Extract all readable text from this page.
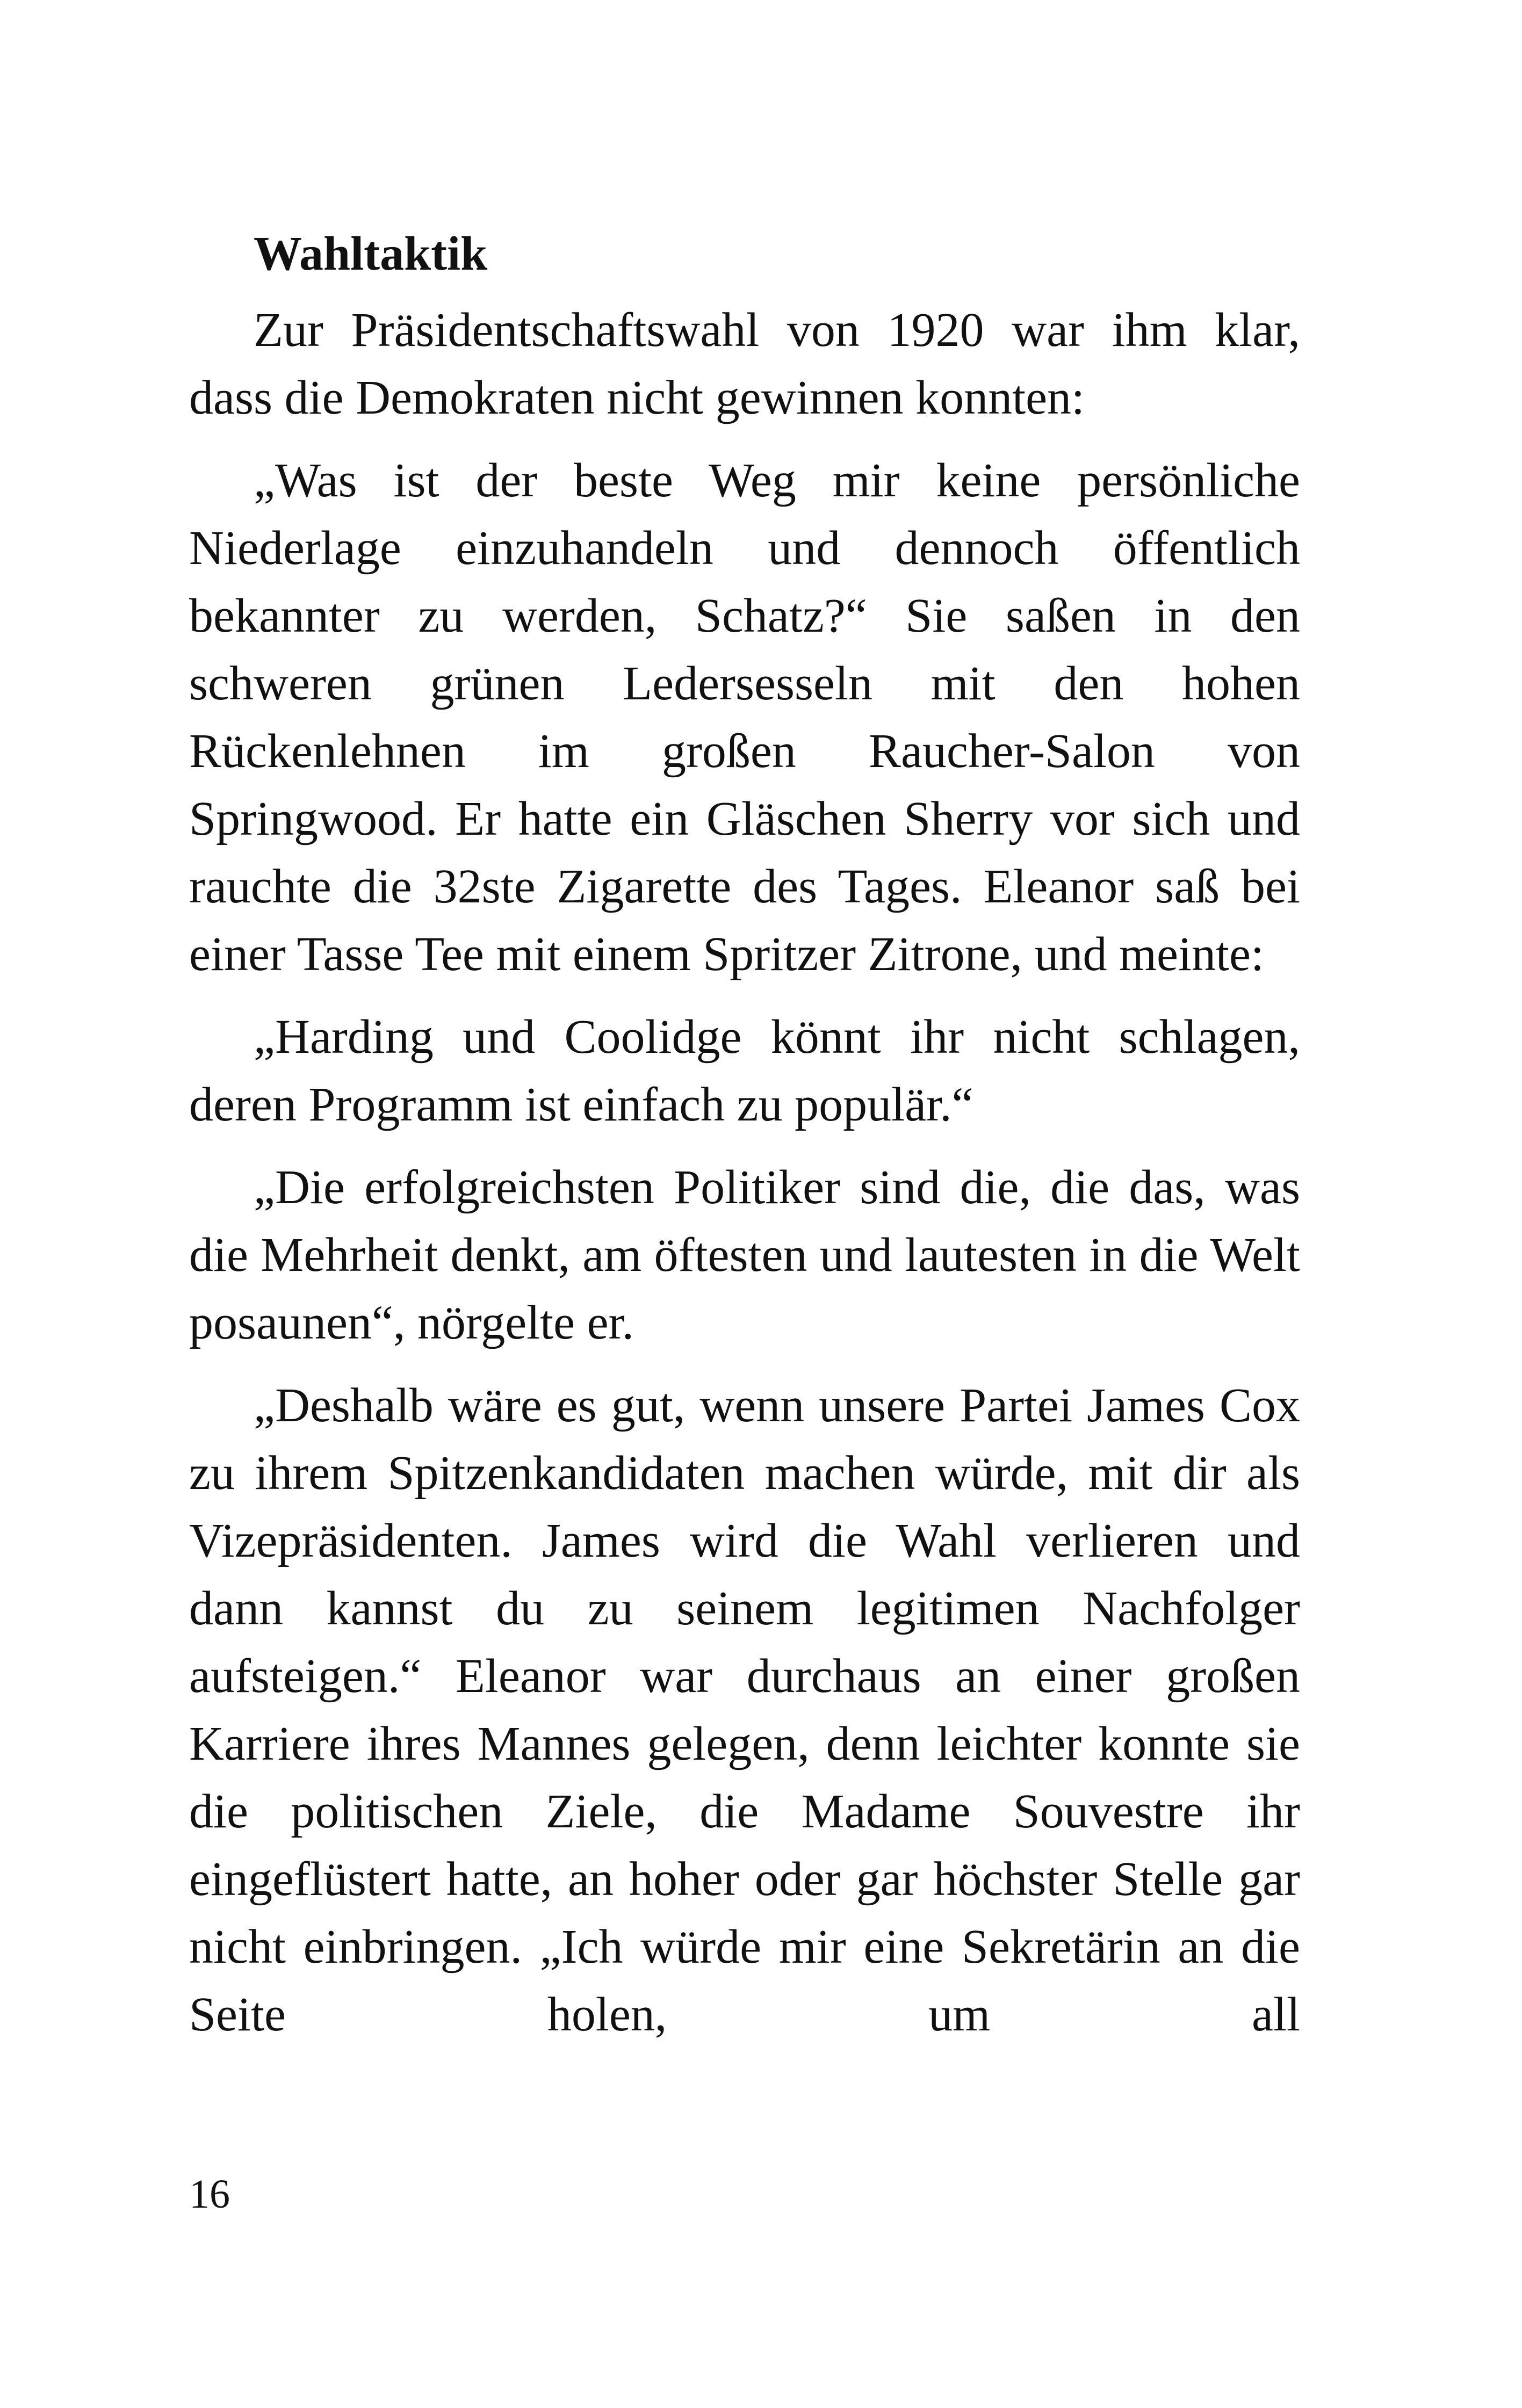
Wahltaktik

Zur Präsidentschaftswahl von 1920 war ihm klar, dass die Demokraten nicht gewinnen konnten:

„Was ist der beste Weg mir keine persönliche Niederlage einzuhandeln und dennoch öffentlich bekannter zu werden, Schatz?“ Sie saßen in den schweren grünen Ledersesseln mit den hohen Rückenlehnen im großen Raucher-Salon von Springwood. Er hatte ein Gläschen Sherry vor sich und rauchte die 32ste Zigarette des Tages. Eleanor saß bei einer Tasse Tee mit einem Spritzer Zitrone, und meinte:

„Harding und Coolidge könnt ihr nicht schlagen, deren Programm ist einfach zu populär.“

„Die erfolgreichsten Politiker sind die, die das, was die Mehrheit denkt, am öftesten und lautesten in die Welt posaunen“, nörgelte er.

„Deshalb wäre es gut, wenn unsere Partei James Cox zu ihrem Spitzenkandidaten machen würde, mit dir als Vizepräsidenten. James wird die Wahl verlieren und dann kannst du zu seinem legitimen Nachfolger aufsteigen.“ Eleanor war durchaus an einer großen Karriere ihres Mannes gelegen, denn leichter konnte sie die politischen Ziele, die Madame Souvestre ihr eingeflüstert hatte, an hoher oder gar höchster Stelle gar nicht einbringen. „Ich würde mir eine Sekretärin an die Seite holen, um all

16
